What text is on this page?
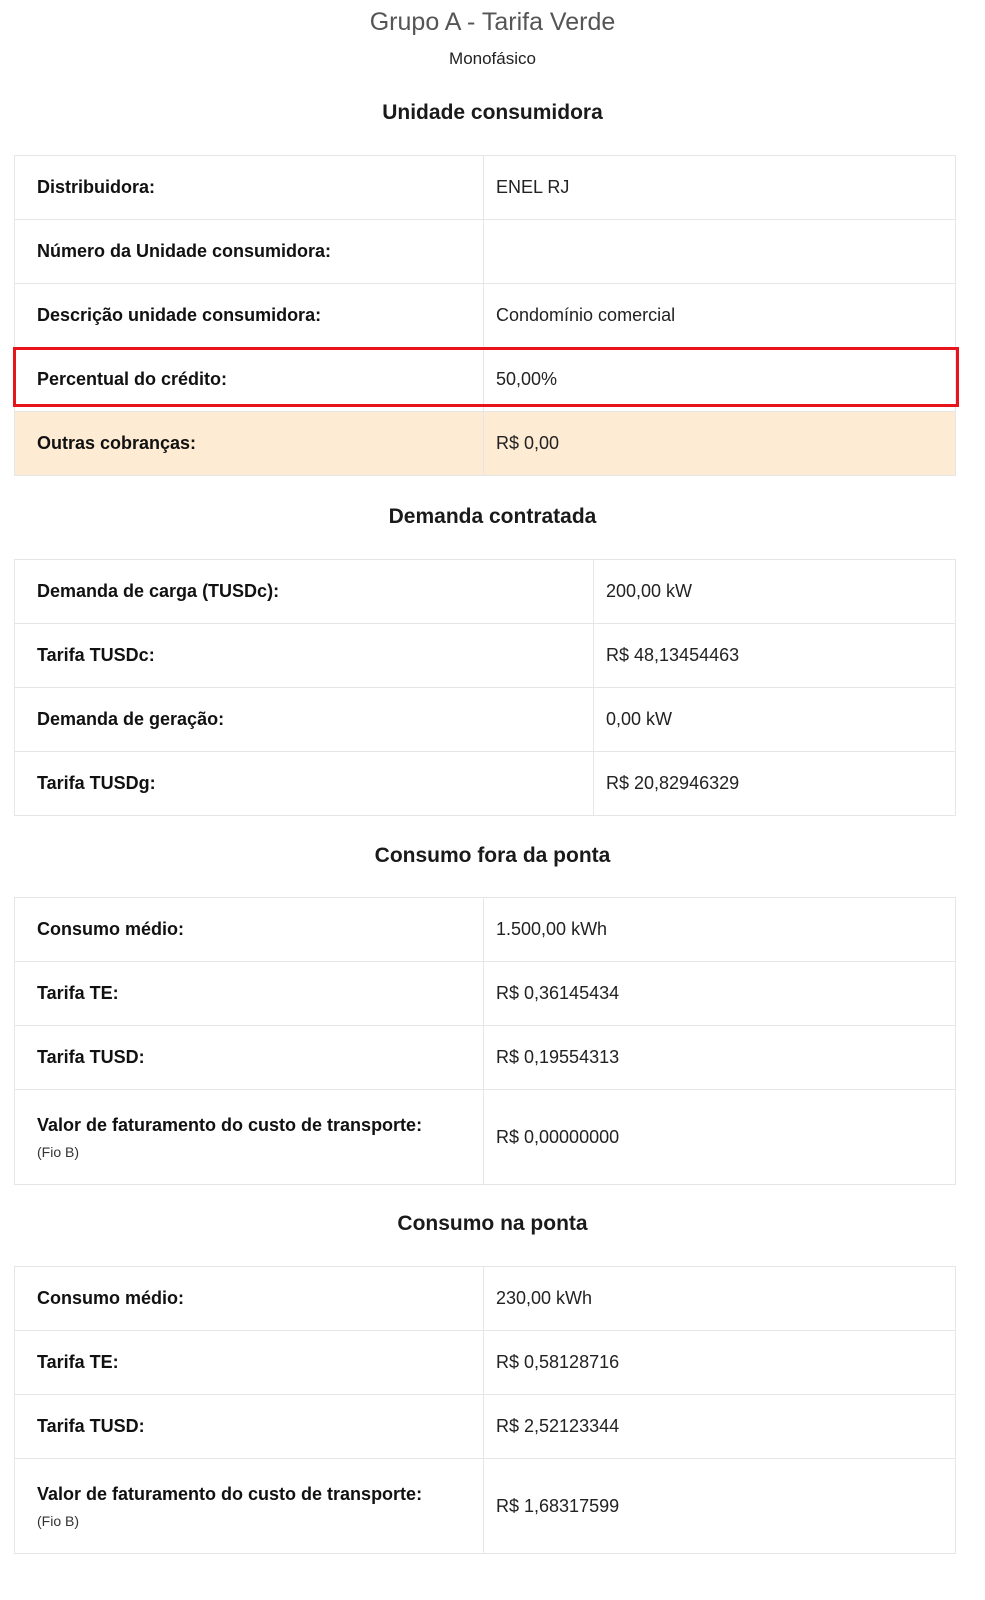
Grupo A - Tarifa Verde
Monofásico
Unidade consumidora
Distribuidora:	ENEL RJ
Número da Unidade consumidora:	
Descrição unidade consumidora:	Condomínio comercial
Percentual do crédito:	50,00%
Outras cobranças:	R$ 0,00
Demanda contratada
Demanda de carga (TUSDc):	200,00 kW
Tarifa TUSDc:	R$ 48,13454463
Demanda de geração:	0,00 kW
Tarifa TUSDg:	R$ 20,82946329
Consumo fora da ponta
Consumo médio:	1.500,00 kWh
Tarifa TE:	R$ 0,36145434
Tarifa TUSD:	R$ 0,19554313
Valor de faturamento do custo de transporte:
(Fio B)	R$ 0,00000000
Consumo na ponta
Consumo médio:	230,00 kWh
Tarifa TE:	R$ 0,58128716
Tarifa TUSD:	R$ 2,52123344
Valor de faturamento do custo de transporte:
(Fio B)	R$ 1,68317599
